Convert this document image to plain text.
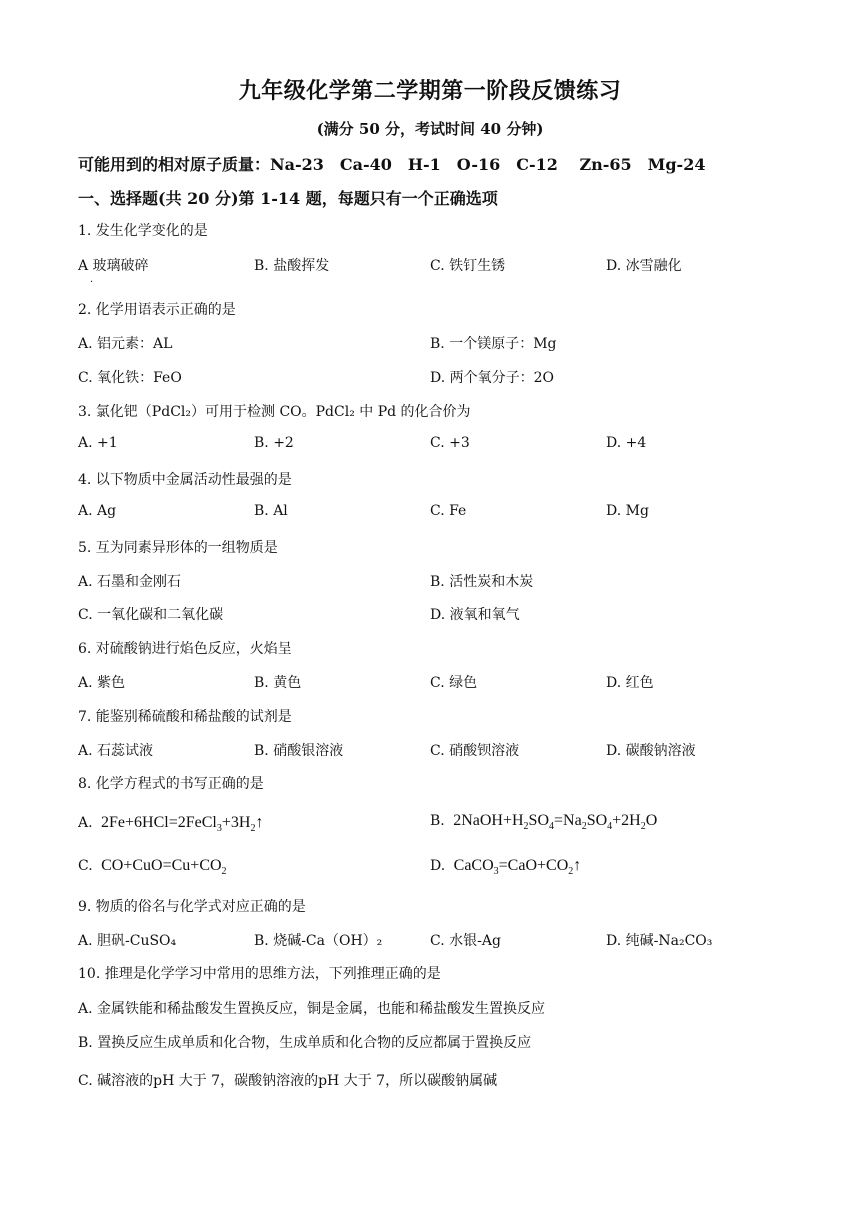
九年级化学第二学期第一阶段反馈练习
(满分 50 分，考试时间 40 分钟)
可能用到的相对原子质量：Na-23　Ca-40　H-1　O-16　C-12　 Zn-65　Mg-24
一、选择题(共 20 分)第 1-14 题，每题只有一个正确选项
1. 发生化学变化的是
A 玻璃破碎	B. 盐酸挥发	C. 铁钉生锈	D. 冰雪融化
·
2. 化学用语表示正确的是
A. 铝元素：AL	B. 一个镁原子：Mg
C. 氧化铁：FeO	D. 两个氧分子：2O
3. 氯化钯（PdCl₂）可用于检测 CO。PdCl₂ 中 Pd 的化合价为
A. +1	B. +2	C. +3	D. +4
4. 以下物质中金属活动性最强的是
A. Ag	B. Al	C. Fe	D. Mg
5. 互为同素异形体的一组物质是
A. 石墨和金刚石	B. 活性炭和木炭
C. 一氧化碳和二氧化碳	D. 液氧和氧气
6. 对硫酸钠进行焰色反应，火焰呈
A. 紫色	B. 黄色	C. 绿色	D. 红色
7. 能鉴别稀硫酸和稀盐酸的试剂是
A. 石蕊试液	B. 硝酸银溶液	C. 硝酸钡溶液	D. 碳酸钠溶液
8. 化学方程式的书写正确的是
A.  $2Fe+6HCl=2FeCl_3+3H_2↑$	B.  $2NaOH+H_2SO_4=Na_2SO_4+2H_2O$
C.  $CO+CuO=Cu+CO_2$	D.  $CaCO_3=CaO+CO_2↑$
9. 物质的俗名与化学式对应正确的是
A. 胆矾-CuSO₄	B. 烧碱-Ca（OH）₂	C. 水银-Ag	D. 纯碱-Na₂CO₃
10. 推理是化学学习中常用的思维方法，下列推理正确的是
A. 金属铁能和稀盐酸发生置换反应，铜是金属，也能和稀盐酸发生置换反应
B. 置换反应生成单质和化合物，生成单质和化合物的反应都属于置换反应
C. 碱溶液的pH 大于 7，碳酸钠溶液的pH 大于 7，所以碳酸钠属碱
